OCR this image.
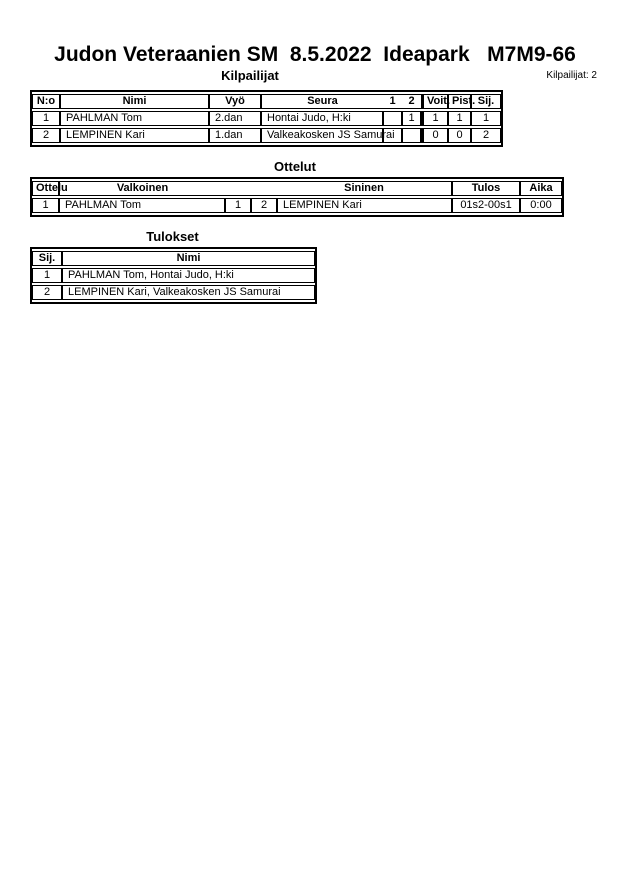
Judon Veteraanien SM  8.5.2022  Ideapark   M7M9-66
Kilpailijat	Kilpailijat: 2
N:o	Nimi	Vyö	Seura	1	2	Voit.	Pist.	Sij.
1	PAHLMAN Tom	2.dan	Hontai Judo, H:ki		1	1	1	1
2	LEMPINEN Kari	1.dan	Valkeakosken JS Samurai			0	0	2
Ottelut
Ottelu	Valkoinen			Sininen	Tulos	Aika
1	PAHLMAN Tom	1	2	LEMPINEN Kari	01s2-00s1	0:00
Tulokset
Sij.	Nimi
1	PAHLMAN Tom, Hontai Judo, H:ki
2	LEMPINEN Kari, Valkeakosken JS Samurai
